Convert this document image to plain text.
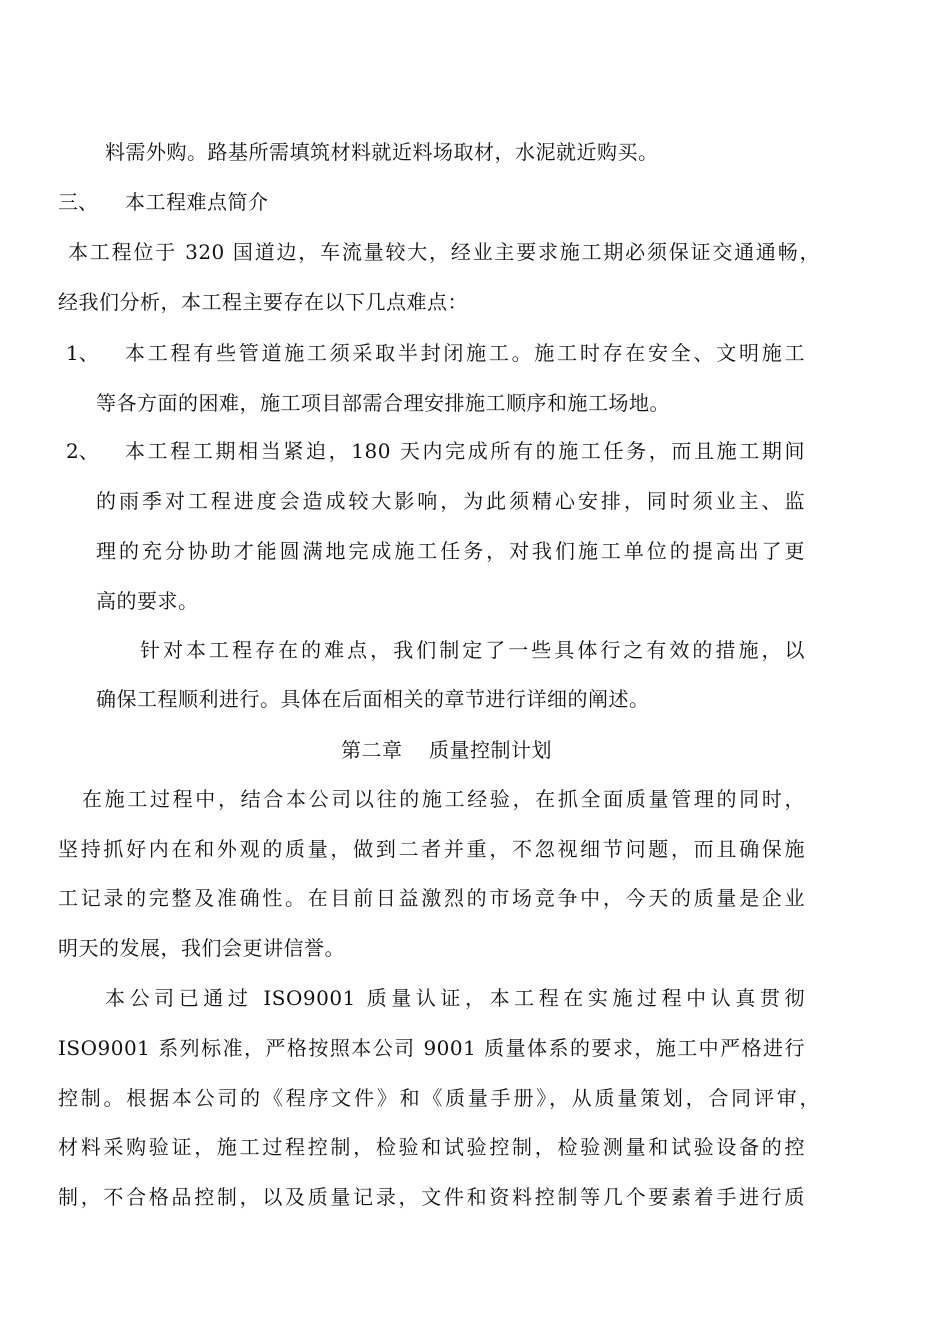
料需外购。路基所需填筑材料就近料场取材，水泥就近购买。
三、 本工程难点简介
本工程位于 320 国道边，车流量较大，经业主要求施工期必须保证交通通畅，
经我们分析，本工程主要存在以下几点难点：
1、 本工程有些管道施工须采取半封闭施工。施工时存在安全、文明施工
等各方面的困难，施工项目部需合理安排施工顺序和施工场地。
2、 本工程工期相当紧迫，180 天内完成所有的施工任务，而且施工期间
的雨季对工程进度会造成较大影响，为此须精心安排，同时须业主、监
理的充分协助才能圆满地完成施工任务，对我们施工单位的提高出了更
高的要求。
针对本工程存在的难点，我们制定了一些具体行之有效的措施，以
确保工程顺利进行。具体在后面相关的章节进行详细的阐述。
第二章 质量控制计划
在施工过程中，结合本公司以往的施工经验，在抓全面质量管理的同时，
坚持抓好内在和外观的质量，做到二者并重，不忽视细节问题，而且确保施
工记录的完整及准确性。在目前日益激烈的市场竞争中，今天的质量是企业
明天的发展，我们会更讲信誉。
本公司已通过 ISO9001 质量认证，本工程在实施过程中认真贯彻
ISO9001 系列标准，严格按照本公司 9001 质量体系的要求，施工中严格进行
控制。根据本公司的《程序文件》和《质量手册》，从质量策划，合同评审，
材料采购验证，施工过程控制，检验和试验控制，检验测量和试验设备的控
制，不合格品控制，以及质量记录，文件和资料控制等几个要素着手进行质
